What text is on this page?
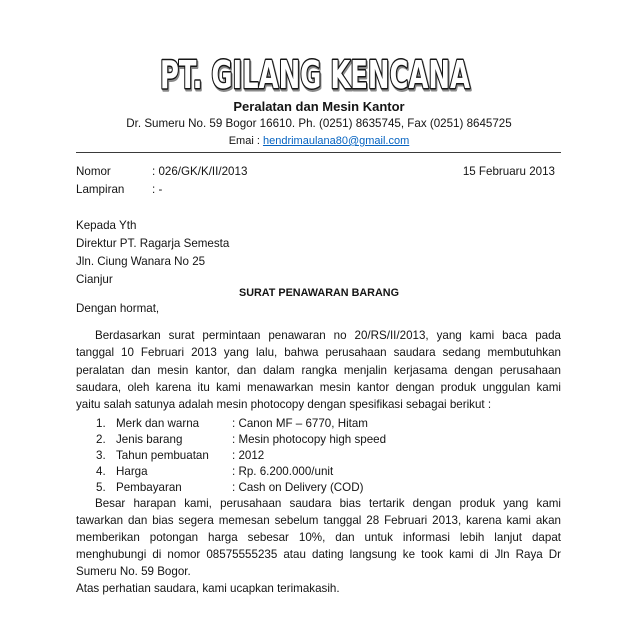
PT. GILANG KENCANA
Peralatan dan Mesin Kantor
Dr. Sumeru No. 59 Bogor 16610. Ph. (0251) 8635745, Fax (0251) 8645725
Emai : hendrimaulana80@gmail.com
Nomor	: 026/GK/K/II/2013	15 Februaru 2013
Lampiran : -
Kepada Yth
Direktur PT. Ragarja Semesta
Jln. Ciung Wanara No 25
Cianjur
SURAT PENAWARAN BARANG
Dengan hormat,
Berdasarkan surat permintaan penawaran no 20/RS/II/2013, yang kami baca pada
tanggal 10 Februari 2013 yang lalu, bahwa perusahaan saudara sedang membutuhkan
peralatan dan mesin kantor, dan dalam rangka menjalin kerjasama dengan perusahaan
saudara, oleh karena itu kami menawarkan mesin kantor dengan produk unggulan kami
yaitu salah satunya adalah mesin photocopy dengan spesifikasi sebagai berikut :
1. Merk dan warna	: Canon MF – 6770, Hitam
2. Jenis barang	: Mesin photocopy high speed
3. Tahun pembuatan : 2012
4. Harga	: Rp. 6.200.000/unit
5. Pembayaran	: Cash on Delivery (COD)
Besar harapan kami, perusahaan saudara bias tertarik dengan produk yang kami
tawarkan dan bias segera memesan sebelum tanggal 28 Februari 2013, karena kami akan
memberikan potongan harga sebesar 10%, dan untuk informasi lebih lanjut dapat
menghubungi di nomor 08575555235 atau dating langsung ke took kami di Jln Raya Dr
Sumeru No. 59 Bogor.
Atas perhatian saudara, kami ucapkan terimakasih.
